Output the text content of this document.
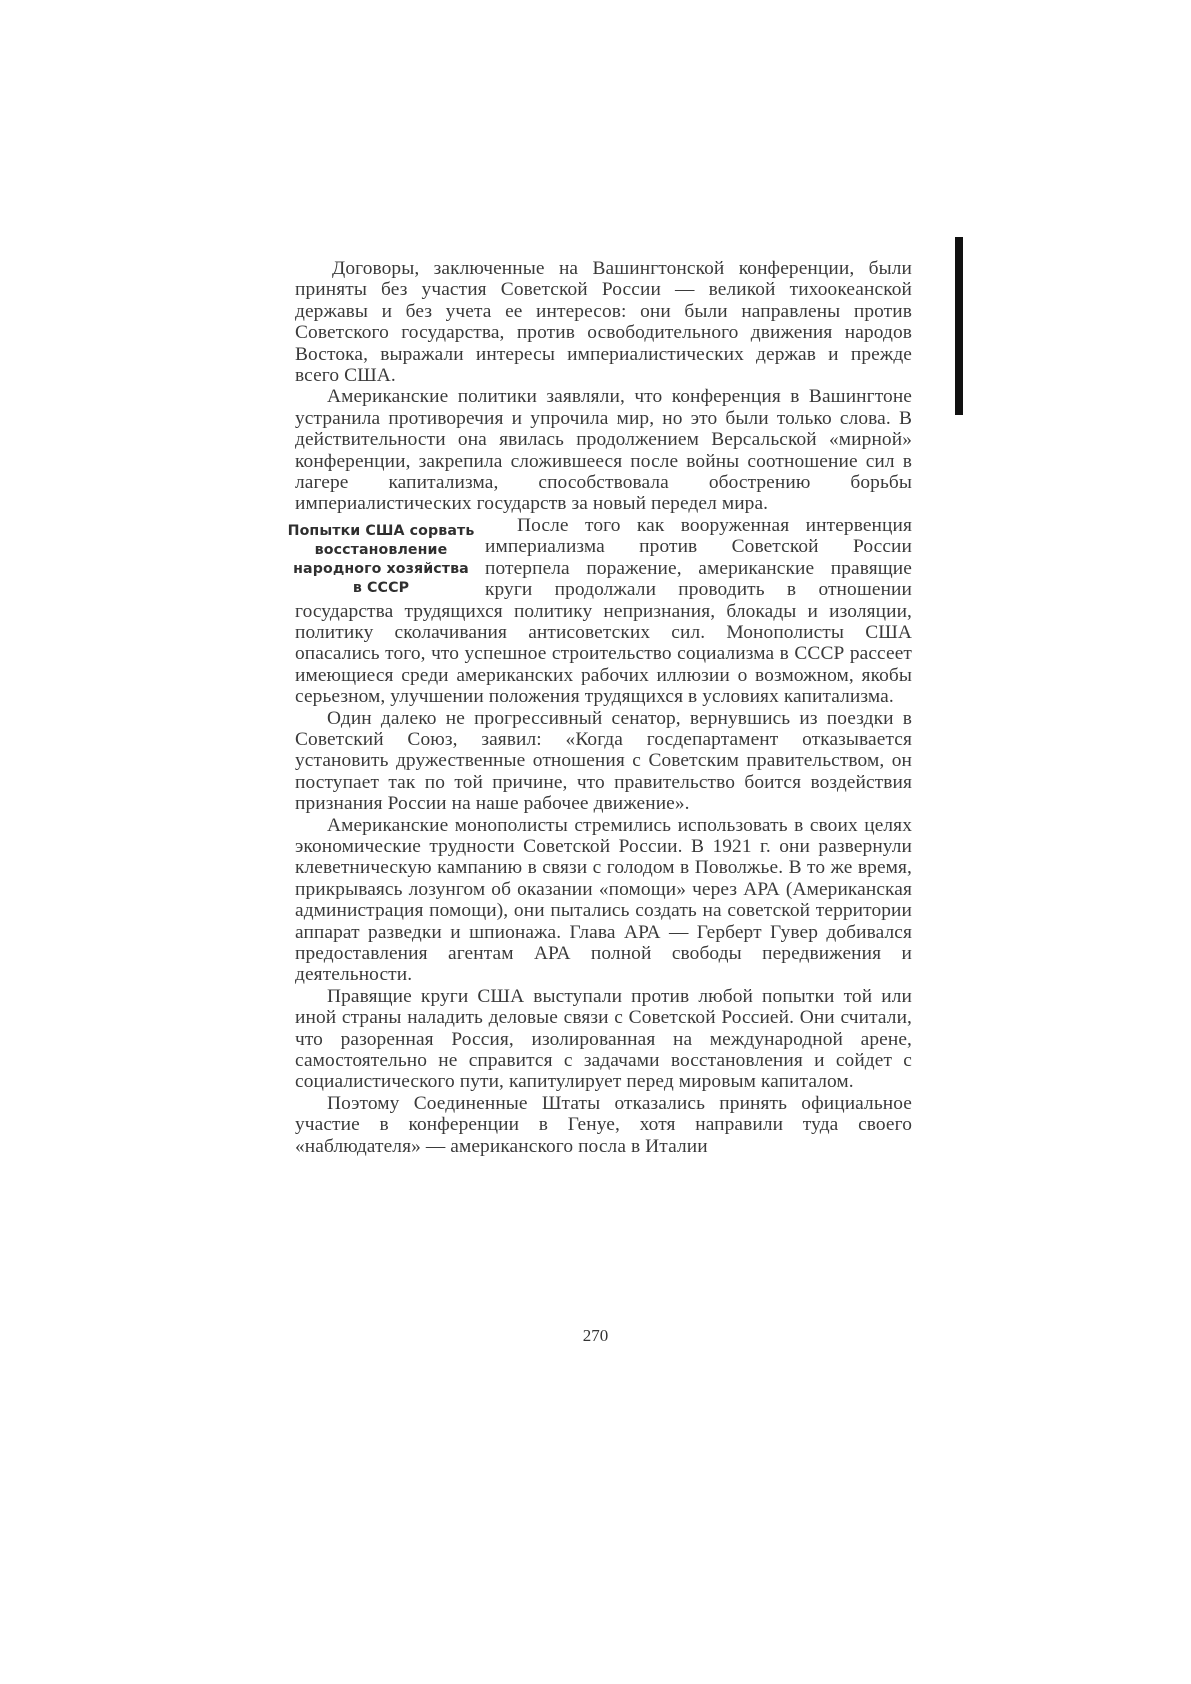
Договоры, заключенные на Вашингтонской конференции, были приняты без участия Советской России — великой тихоокеанской державы и без учета ее интересов: они были направлены против Советского государства, против освободительного движения народов Востока, выражали интересы империалистических держав и прежде всего США.

Американские политики заявляли, что конференция в Вашингтоне устранила противоречия и упрочила мир, но это были только слова. В действительности она явилась продолжением Версальской «мирной» конференции, закрепила сложившееся после войны соотношение сил в лагере капитализма, способствовала обострению борьбы империалистических государств за новый передел мира.

Попытки США сорвать восстановление народного хозяйства в СССР

После того как вооруженная интервенция империализма против Советской России потерпела поражение, американские правящие круги продолжали проводить в отношении государства трудящихся политику непризнания, блокады и изоляции, политику сколачивания антисоветских сил. Монополисты США опасались того, что успешное строительство социализма в СССР рассеет имеющиеся среди американских рабочих иллюзии о возможном, якобы серьезном, улучшении положения трудящихся в условиях капитализма.

Один далеко не прогрессивный сенатор, вернувшись из поездки в Советский Союз, заявил: «Когда госдепартамент отказывается установить дружественные отношения с Советским правительством, он поступает так по той причине, что правительство боится воздействия признания России на наше рабочее движение».

Американские монополисты стремились использовать в своих целях экономические трудности Советской России. В 1921 г. они развернули клеветническую кампанию в связи с голодом в Поволжье. В то же время, прикрываясь лозунгом об оказании «помощи» через АРА (Американская администрация помощи), они пытались создать на советской территории аппарат разведки и шпионажа. Глава АРА — Герберт Гувер добивался предоставления агентам АРА полной свободы передвижения и деятельности.

Правящие круги США выступали против любой попытки той или иной страны наладить деловые связи с Советской Россией. Они считали, что разоренная Россия, изолированная на международной арене, самостоятельно не справится с задачами восстановления и сойдет с социалистического пути, капитулирует перед мировым капиталом.

Поэтому Соединенные Штаты отказались принять официальное участие в конференции в Генуе, хотя направили туда своего «наблюдателя» — американского посла в Италии

270
